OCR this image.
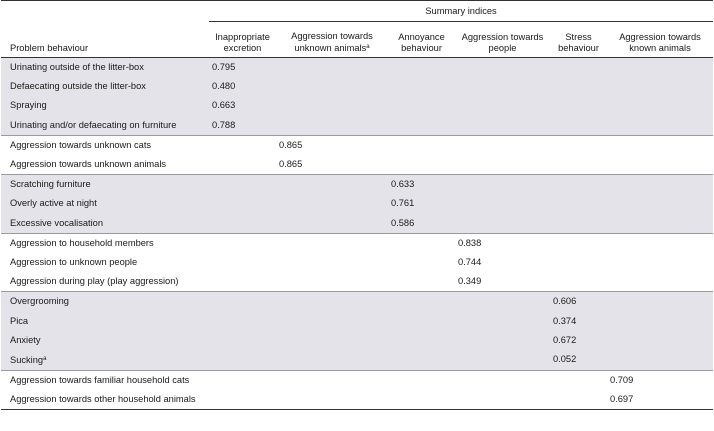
	Summary indices					
Problem behaviour	Inappropriate excretion	Aggression towards unknown animals$^a$	Annoyance behaviour	Aggression towards people	Stress behaviour	Aggression towards known animals
Urinating outside of the litter-box	0.795					
Defaecating outside the litter-box	0.480					
Spraying	0.663					
Urinating and/or defaecating on furniture	0.788					
Aggression towards unknown cats		0.865				
Aggression towards unknown animals		0.865				
Scratching furniture			0.633			
Overly active at night			0.761			
Excessive vocalisation			0.586			
Aggression to household members				0.838		
Aggression to unknown people				0.744		
Aggression during play (play aggression)				0.349		
Overgrooming					0.606	
Pica					0.374	
Anxiety					0.672	
Sucking$^a$					0.052	
Aggression towards familiar household cats						0.709
Aggression towards other household animals						0.697
